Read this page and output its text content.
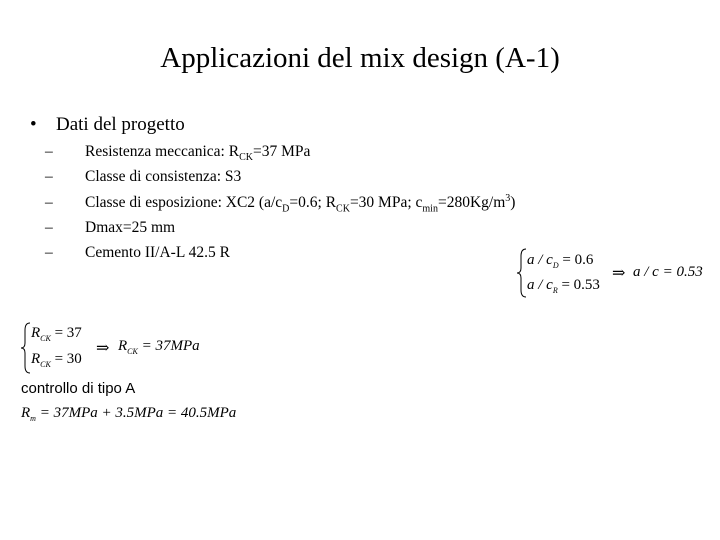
Applicazioni del mix design (A-1)
• Dati del progetto
– Resistenza meccanica: $R_{CK}=37$ MPa
– Classe di consistenza: S3
– Classe di esposizione: XC2 ($a/c_D=0.6$; $R_{CK}=30$ MPa; $c_{min}=280Kg/m^3$)
– Dmax=25 mm
– Cemento II/A-L 42.5 R	$a / c_D = 0.6$
$a / c_R = 0.53$
⇒ a / c = 0.53
$R_{CK} = 37$
$R_{CK} = 30$
⇒ $R_{CK} = 37MPa$
controllo di tipo A
$R_m = 37MPa + 3.5MPa = 40.5MPa$
